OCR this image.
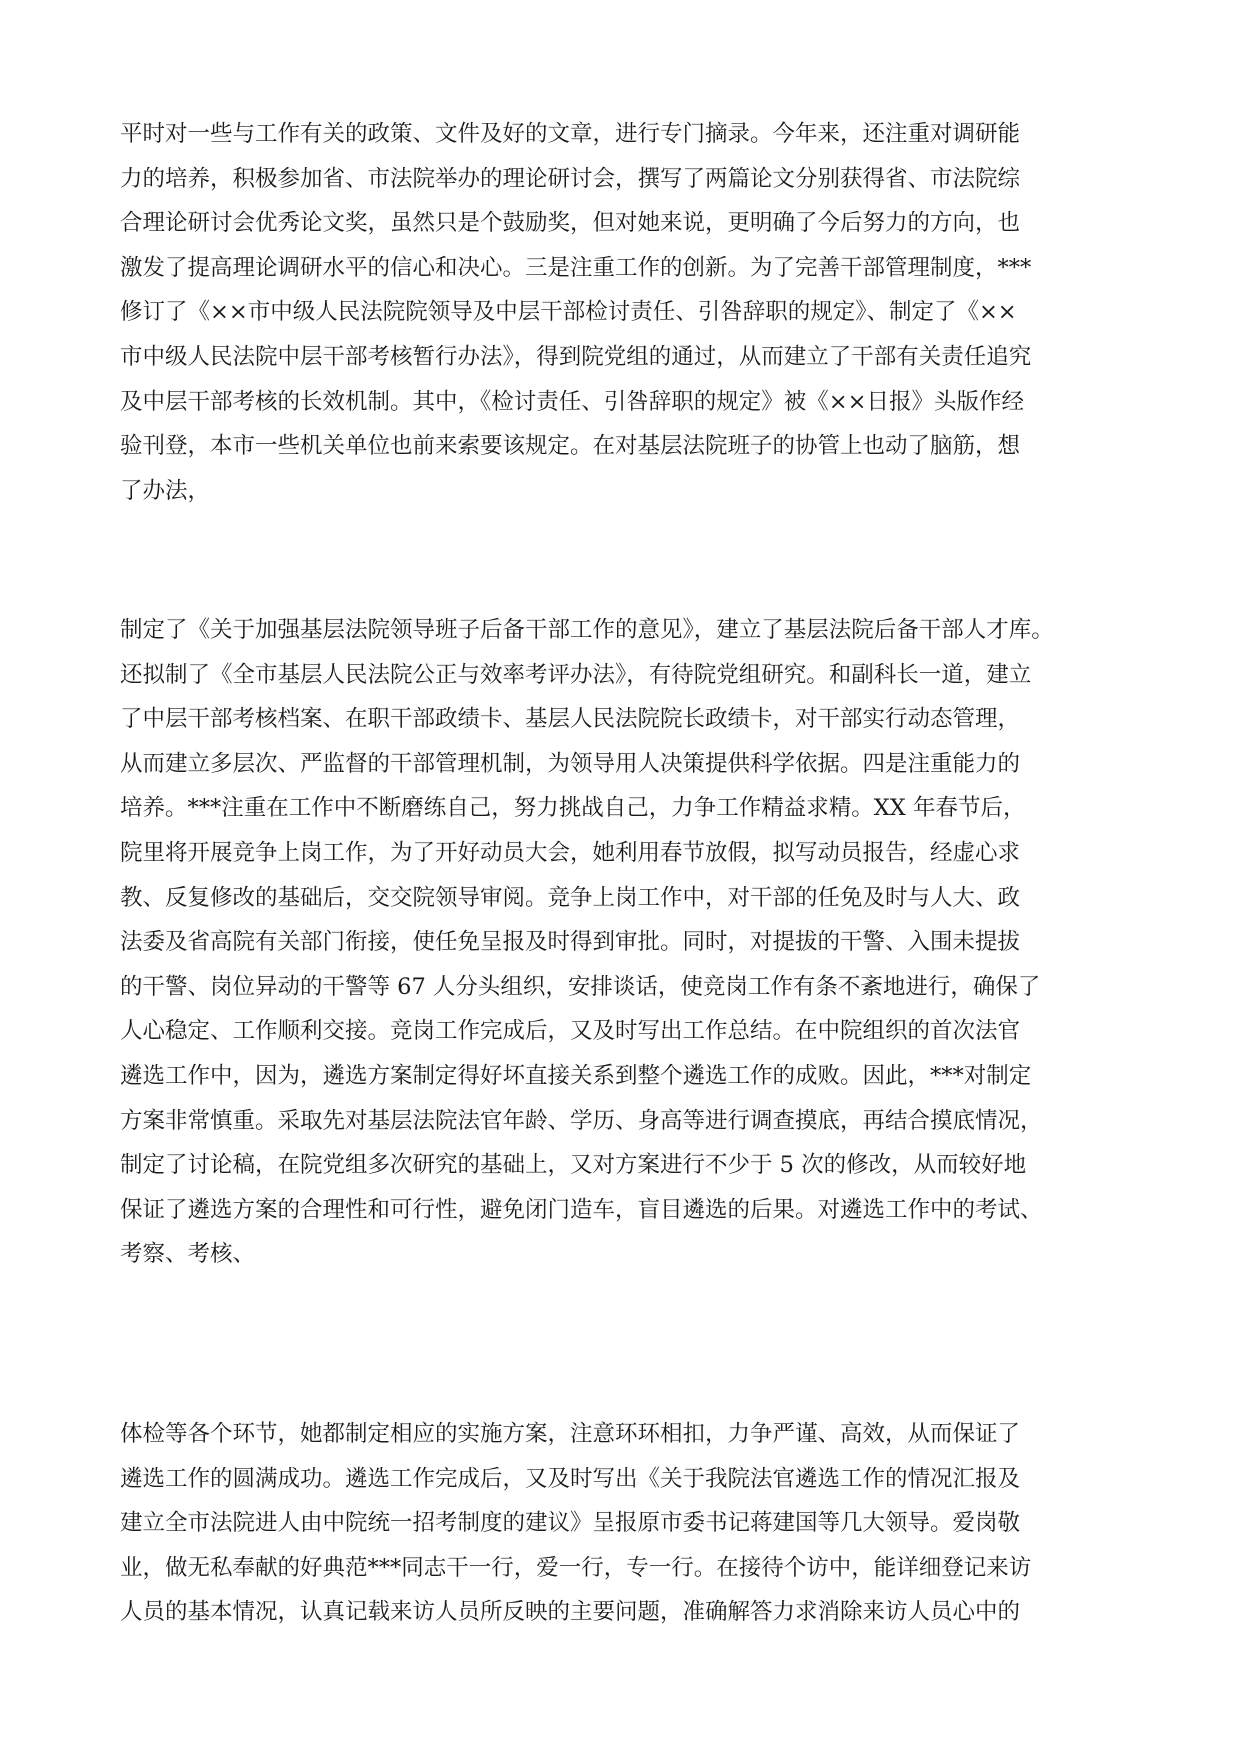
平时对一些与工作有关的政策、文件及好的文章，进行专门摘录。今年来，还注重对调研能
力的培养，积极参加省、市法院举办的理论研讨会，撰写了两篇论文分别获得省、市法院综
合理论研讨会优秀论文奖，虽然只是个鼓励奖，但对她来说，更明确了今后努力的方向，也
激发了提高理论调研水平的信心和决心。三是注重工作的创新。为了完善干部管理制度，***
修订了《××市中级人民法院院领导及中层干部检讨责任、引咎辞职的规定》、制定了《××
市中级人民法院中层干部考核暂行办法》，得到院党组的通过，从而建立了干部有关责任追究
及中层干部考核的长效机制。其中，《检讨责任、引咎辞职的规定》被《××日报》头版作经
验刊登，本市一些机关单位也前来索要该规定。在对基层法院班子的协管上也动了脑筋，想
了办法，
制定了《关于加强基层法院领导班子后备干部工作的意见》，建立了基层法院后备干部人才库。
还拟制了《全市基层人民法院公正与效率考评办法》，有待院党组研究。和副科长一道，建立
了中层干部考核档案、在职干部政绩卡、基层人民法院院长政绩卡，对干部实行动态管理，
从而建立多层次、严监督的干部管理机制，为领导用人决策提供科学依据。四是注重能力的
培养。***注重在工作中不断磨练自己，努力挑战自己，力争工作精益求精。XX 年春节后，
院里将开展竞争上岗工作，为了开好动员大会，她利用春节放假，拟写动员报告，经虚心求
教、反复修改的基础后，交交院领导审阅。竞争上岗工作中，对干部的任免及时与人大、政
法委及省高院有关部门衔接，使任免呈报及时得到审批。同时，对提拔的干警、入围未提拔
的干警、岗位异动的干警等 67 人分头组织，安排谈话，使竞岗工作有条不紊地进行，确保了
人心稳定、工作顺利交接。竞岗工作完成后，又及时写出工作总结。在中院组织的首次法官
遴选工作中，因为，遴选方案制定得好坏直接关系到整个遴选工作的成败。因此，***对制定
方案非常慎重。采取先对基层法院法官年龄、学历、身高等进行调查摸底，再结合摸底情况，
制定了讨论稿，在院党组多次研究的基础上，又对方案进行不少于 5 次的修改，从而较好地
保证了遴选方案的合理性和可行性，避免闭门造车，盲目遴选的后果。对遴选工作中的考试、
考察、考核、
体检等各个环节，她都制定相应的实施方案，注意环环相扣，力争严谨、高效，从而保证了
遴选工作的圆满成功。遴选工作完成后，又及时写出《关于我院法官遴选工作的情况汇报及
建立全市法院进人由中院统一招考制度的建议》呈报原市委书记蒋建国等几大领导。爱岗敬
业，做无私奉献的好典范***同志干一行，爱一行，专一行。在接待个访中，能详细登记来访
人员的基本情况，认真记载来访人员所反映的主要问题，准确解答力求消除来访人员心中的
